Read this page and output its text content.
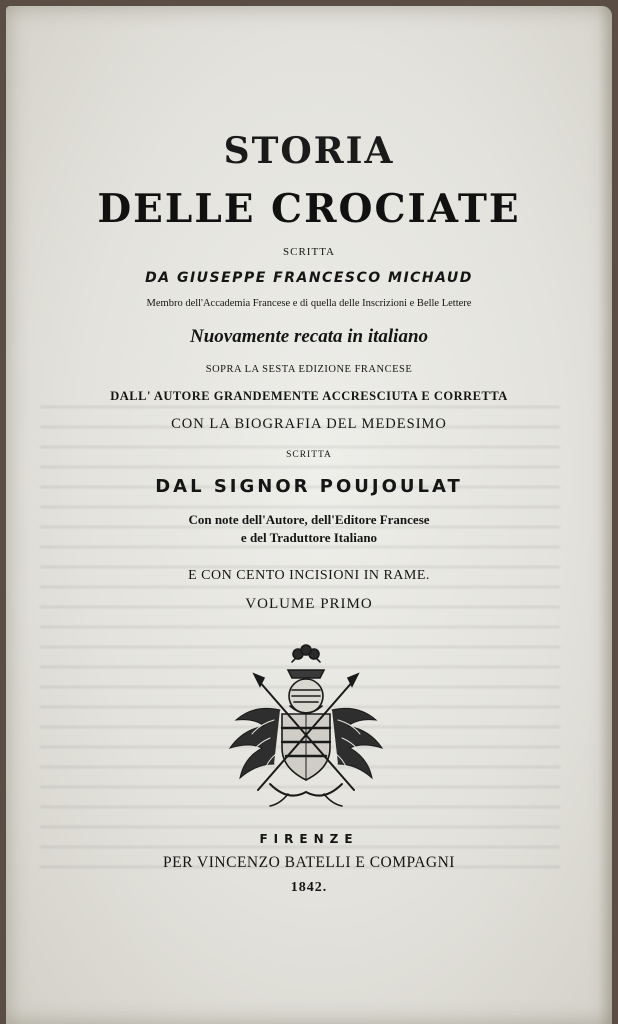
STORIA
DELLE CROCIATE
SCRITTA
DA GIUSEPPE FRANCESCO MICHAUD
Membro dell'Accademia Francese e di quella delle Inscrizioni e Belle Lettere
Nuovamente recata in italiano
SOPRA LA SESTA EDIZIONE FRANCESE
DALL' AUTORE GRANDEMENTE ACCRESCIUTA E CORRETTA
CON LA BIOGRAFIA DEL MEDESIMO
SCRITTA
DAL SIGNOR POUJOULAT
Con note dell'Autore, dell'Editore Francese
e del Traduttore Italiano
E CON CENTO INCISIONI IN RAME.
VOLUME PRIMO
FIRENZE
PER VINCENZO BATELLI E COMPAGNI
1842.
